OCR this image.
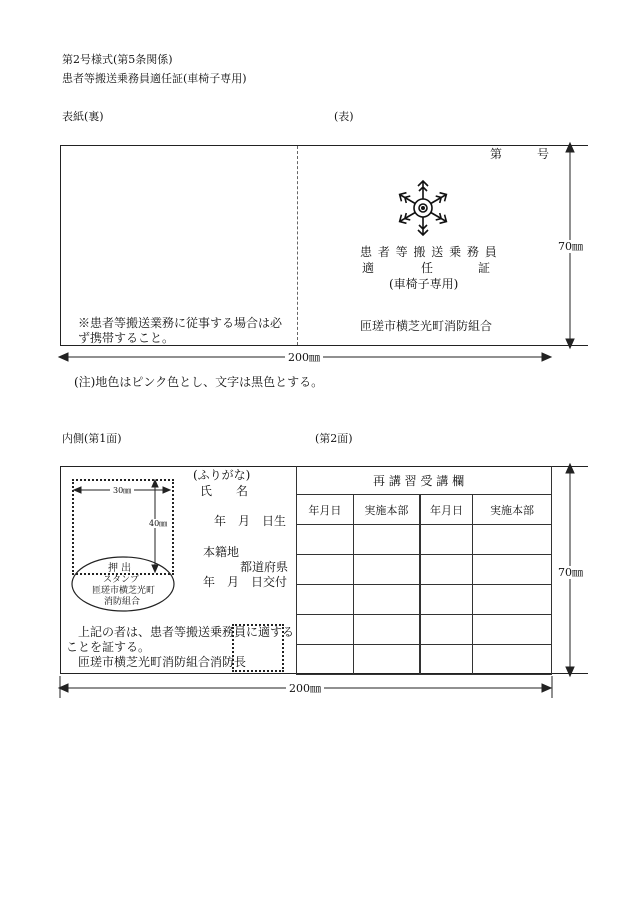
第2号様式(第5条関係)
患者等搬送乗務員適任証(車椅子専用)
表紙(裏)	(表)
第	号
患 者 等 搬 送 乗 務 員
適	任	証
(車椅子専用)
匝瑳市横芝光町消防組合
※患者等搬送業務に従事する場合は必
ず携帯すること。
70㎜
200㎜
(注)地色はピンク色とし、文字は黒色とする。
内側(第1面)	(第2面)
30㎜
40㎜
押 出
スタンプ
匝瑳市横芝光町
消防組合
(ふりがな)
氏　　名
年　月　日生
本籍地
都道府県
年　月　日交付
上記の者は、患者等搬送乗務員に適する
ことを証する。
匝瑳市横芝光町消防組合消防長
再 講 習 受 講 欄
年月日	実施本部	年月日	実施本部

70㎜
200㎜
